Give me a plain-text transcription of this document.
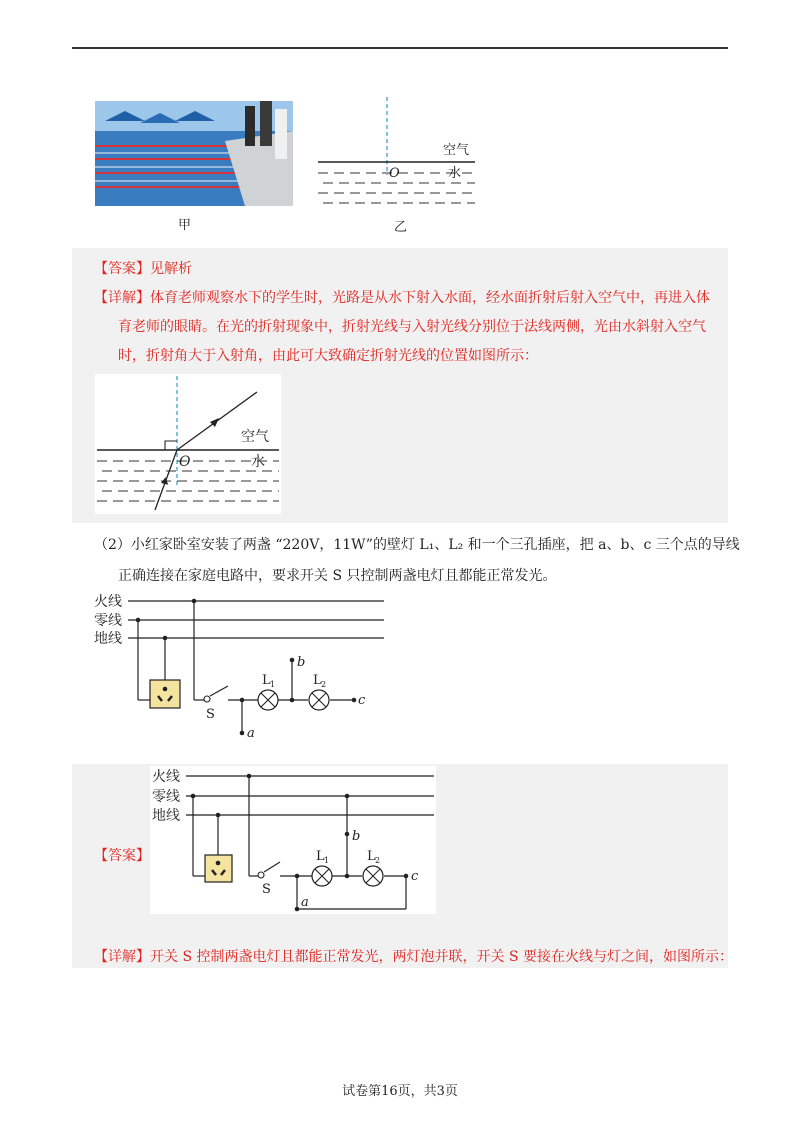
甲
空气
水
O
乙
【答案】见解析
【详解】体育老师观察水下的学生时，光路是从水下射入水面，经水面折射后射入空气中，再进入体
育老师的眼睛。在光的折射现象中，折射光线与入射光线分别位于法线两侧，光由水斜射入空气
时，折射角大于入射角，由此可大致确定折射光线的位置如图所示：
空气
水
O
（2）小红家卧室安装了两盏 “220V，11W”的壁灯 L₁、L₂ 和一个三孔插座，把 a、b、c 三个点的导线
正确连接在家庭电路中，要求开关 S 只控制两盏电灯且都能正常发光。
火线
零线
地线
S
L 1	L 2
a
b
c
【答案】
火线
零线
地线
S
L 1	L 2
a
b
c
【详解】开关 S 控制两盏电灯且都能正常发光，两灯泡并联，开关 S 要接在火线与灯之间，如图所示：
试卷第16页，共3页
